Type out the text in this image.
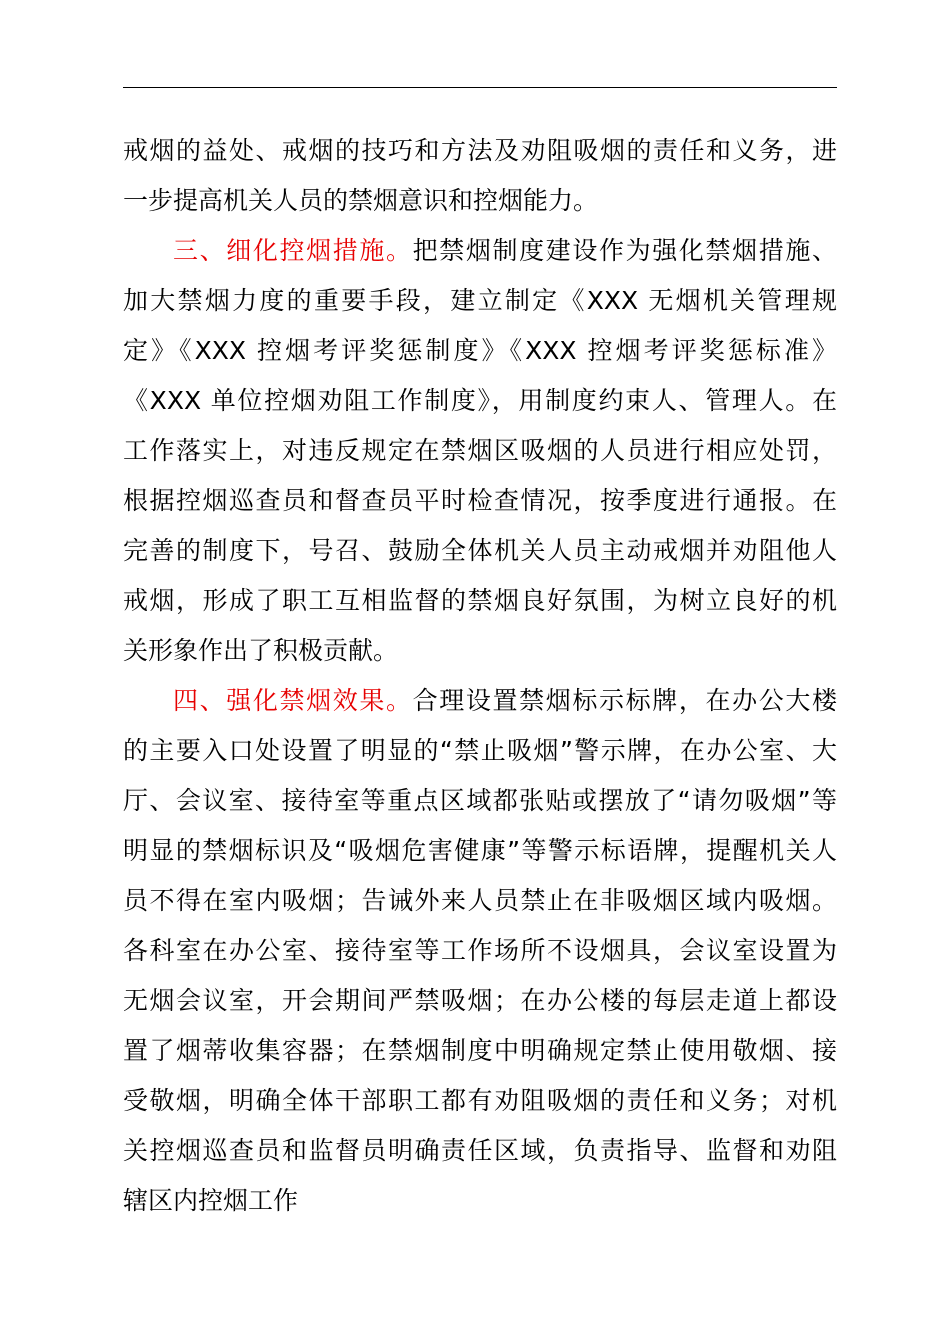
戒烟的益处、戒烟的技巧和方法及劝阻吸烟的责任和义务，进
一步提高机关人员的禁烟意识和控烟能力。
三、细化控烟措施。把禁烟制度建设作为强化禁烟措施、
加大禁烟力度的重要手段，建立制定《XXX 无烟机关管理规
定》《XXX 控烟考评奖惩制度》《XXX 控烟考评奖惩标准》
《XXX 单位控烟劝阻工作制度》，用制度约束人、管理人。在
工作落实上，对违反规定在禁烟区吸烟的人员进行相应处罚，
根据控烟巡查员和督查员平时检查情况，按季度进行通报。在
完善的制度下，号召、鼓励全体机关人员主动戒烟并劝阻他人
戒烟，形成了职工互相监督的禁烟良好氛围，为树立良好的机
关形象作出了积极贡献。
四、强化禁烟效果。合理设置禁烟标示标牌，在办公大楼
的主要入口处设置了明显的“禁止吸烟”警示牌，在办公室、大
厅、会议室、接待室等重点区域都张贴或摆放了“请勿吸烟”等
明显的禁烟标识及“吸烟危害健康”等警示标语牌，提醒机关人
员不得在室内吸烟；告诫外来人员禁止在非吸烟区域内吸烟。
各科室在办公室、接待室等工作场所不设烟具，会议室设置为
无烟会议室，开会期间严禁吸烟；在办公楼的每层走道上都设
置了烟蒂收集容器；在禁烟制度中明确规定禁止使用敬烟、接
受敬烟，明确全体干部职工都有劝阻吸烟的责任和义务；对机
关控烟巡查员和监督员明确责任区域，负责指导、监督和劝阻
辖区内控烟工作
